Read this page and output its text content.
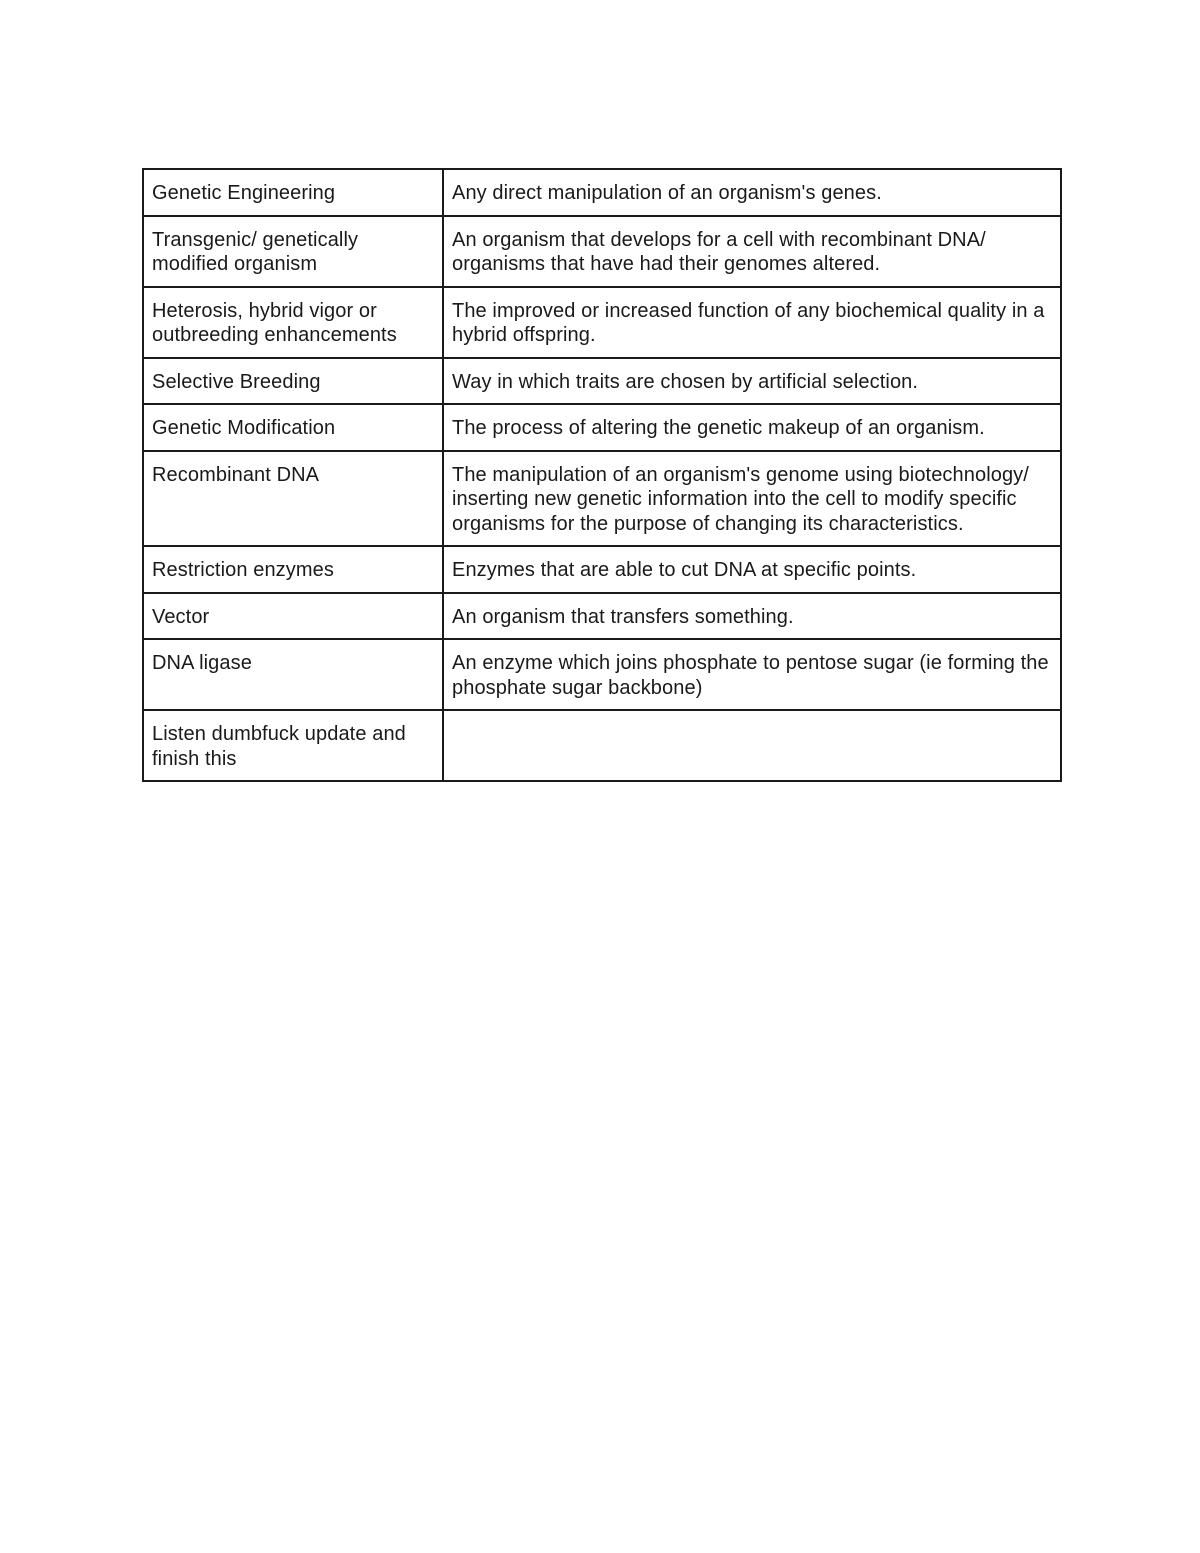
Genetic Engineering	Any direct manipulation of an organism's genes.
Transgenic/ genetically modified organism	An organism that develops for a cell with recombinant DNA/ organisms that have had their genomes altered.
Heterosis, hybrid vigor or outbreeding enhancements	The improved or increased function of any biochemical quality in a hybrid offspring.
Selective Breeding	Way in which traits are chosen by artificial selection.
Genetic Modification	The process of altering the genetic makeup of an organism.
Recombinant DNA	The manipulation of an organism's genome using biotechnology/ inserting new genetic information into the cell to modify specific organisms for the purpose of changing its characteristics.
Restriction enzymes	Enzymes that are able to cut DNA at specific points.
Vector	An organism that transfers something.
DNA ligase	An enzyme which joins phosphate to pentose sugar (ie forming the phosphate sugar backbone)
Listen dumbfuck update and finish this	
